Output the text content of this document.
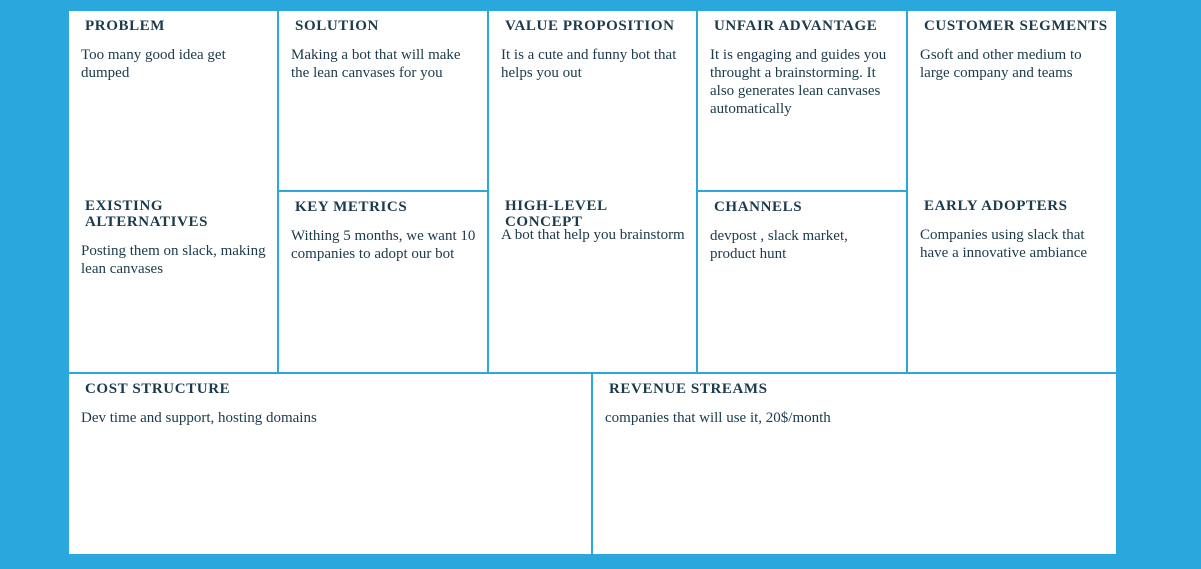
PROBLEM

Too many good idea get dumped

EXISTING ALTERNATIVES

Posting them on slack, making lean canvases

SOLUTION

Making a bot that will make the lean canvases for you

KEY METRICS

Withing 5 months, we want 10 companies to adopt our bot

VALUE PROPOSITION

It is a cute and funny bot that helps you out

HIGH-LEVEL CONCEPT

A bot that help you brainstorm

UNFAIR ADVANTAGE

It is engaging and guides you throught a brainstorming. It also generates lean canvases automatically

CHANNELS

devpost , slack market, product hunt

CUSTOMER SEGMENTS

Gsoft and other medium to large company and teams

EARLY ADOPTERS

Companies using slack that have a innovative ambiance

COST STRUCTURE

Dev time and support, hosting domains

REVENUE STREAMS

companies that will use it, 20$/month
